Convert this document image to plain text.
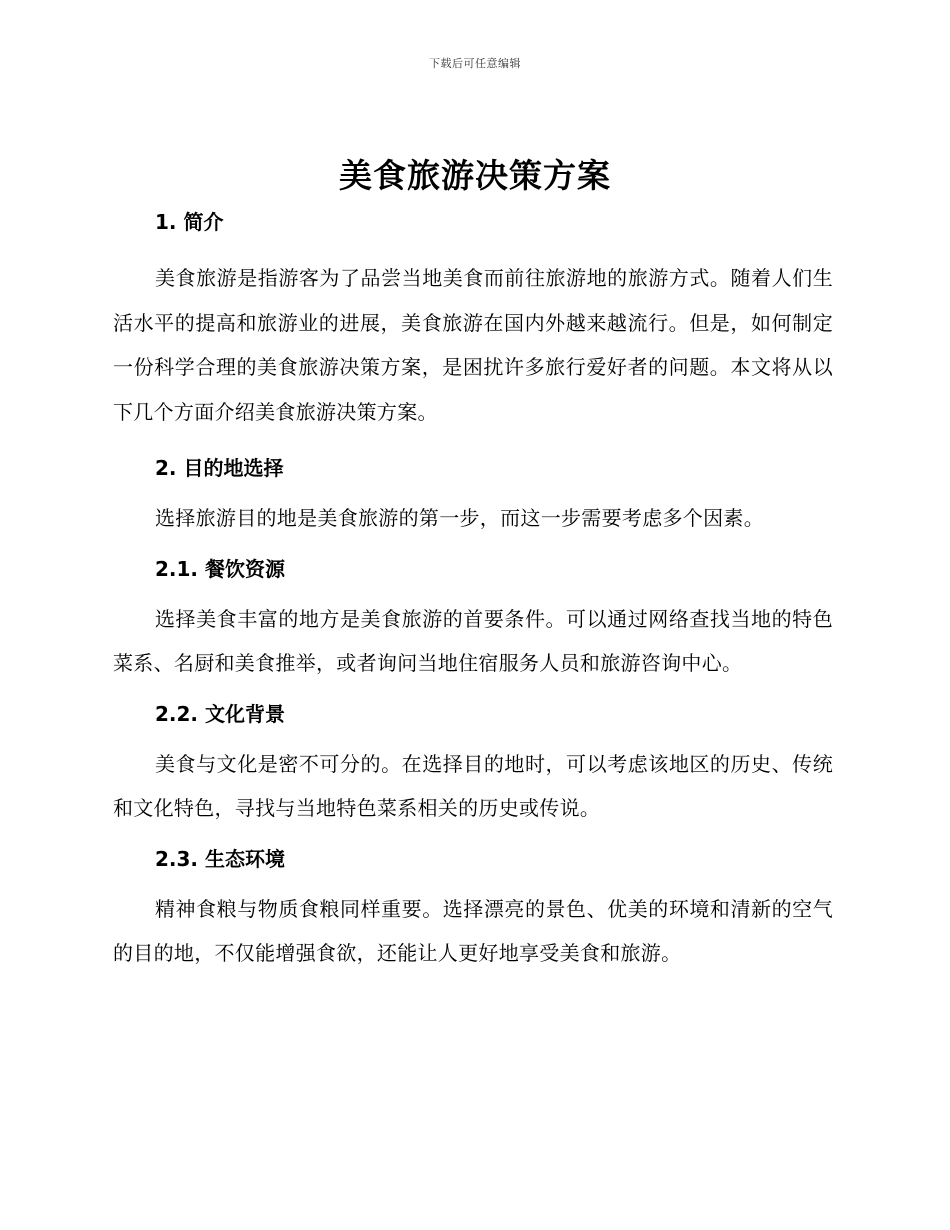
下载后可任意编辑
美食旅游决策方案
1. 简介

美食旅游是指游客为了品尝当地美食而前往旅游地的旅游方式。随着人们生活水平的提高和旅游业的进展，美食旅游在国内外越来越流行。但是，如何制定一份科学合理的美食旅游决策方案，是困扰许多旅行爱好者的问题。本文将从以下几个方面介绍美食旅游决策方案。

2. 目的地选择

选择旅游目的地是美食旅游的第一步，而这一步需要考虑多个因素。

2.1. 餐饮资源

选择美食丰富的地方是美食旅游的首要条件。可以通过网络查找当地的特色菜系、名厨和美食推举，或者询问当地住宿服务人员和旅游咨询中心。

2.2. 文化背景

美食与文化是密不可分的。在选择目的地时，可以考虑该地区的历史、传统和文化特色，寻找与当地特色菜系相关的历史或传说。

2.3. 生态环境

精神食粮与物质食粮同样重要。选择漂亮的景色、优美的环境和清新的空气的目的地，不仅能增强食欲，还能让人更好地享受美食和旅游。
